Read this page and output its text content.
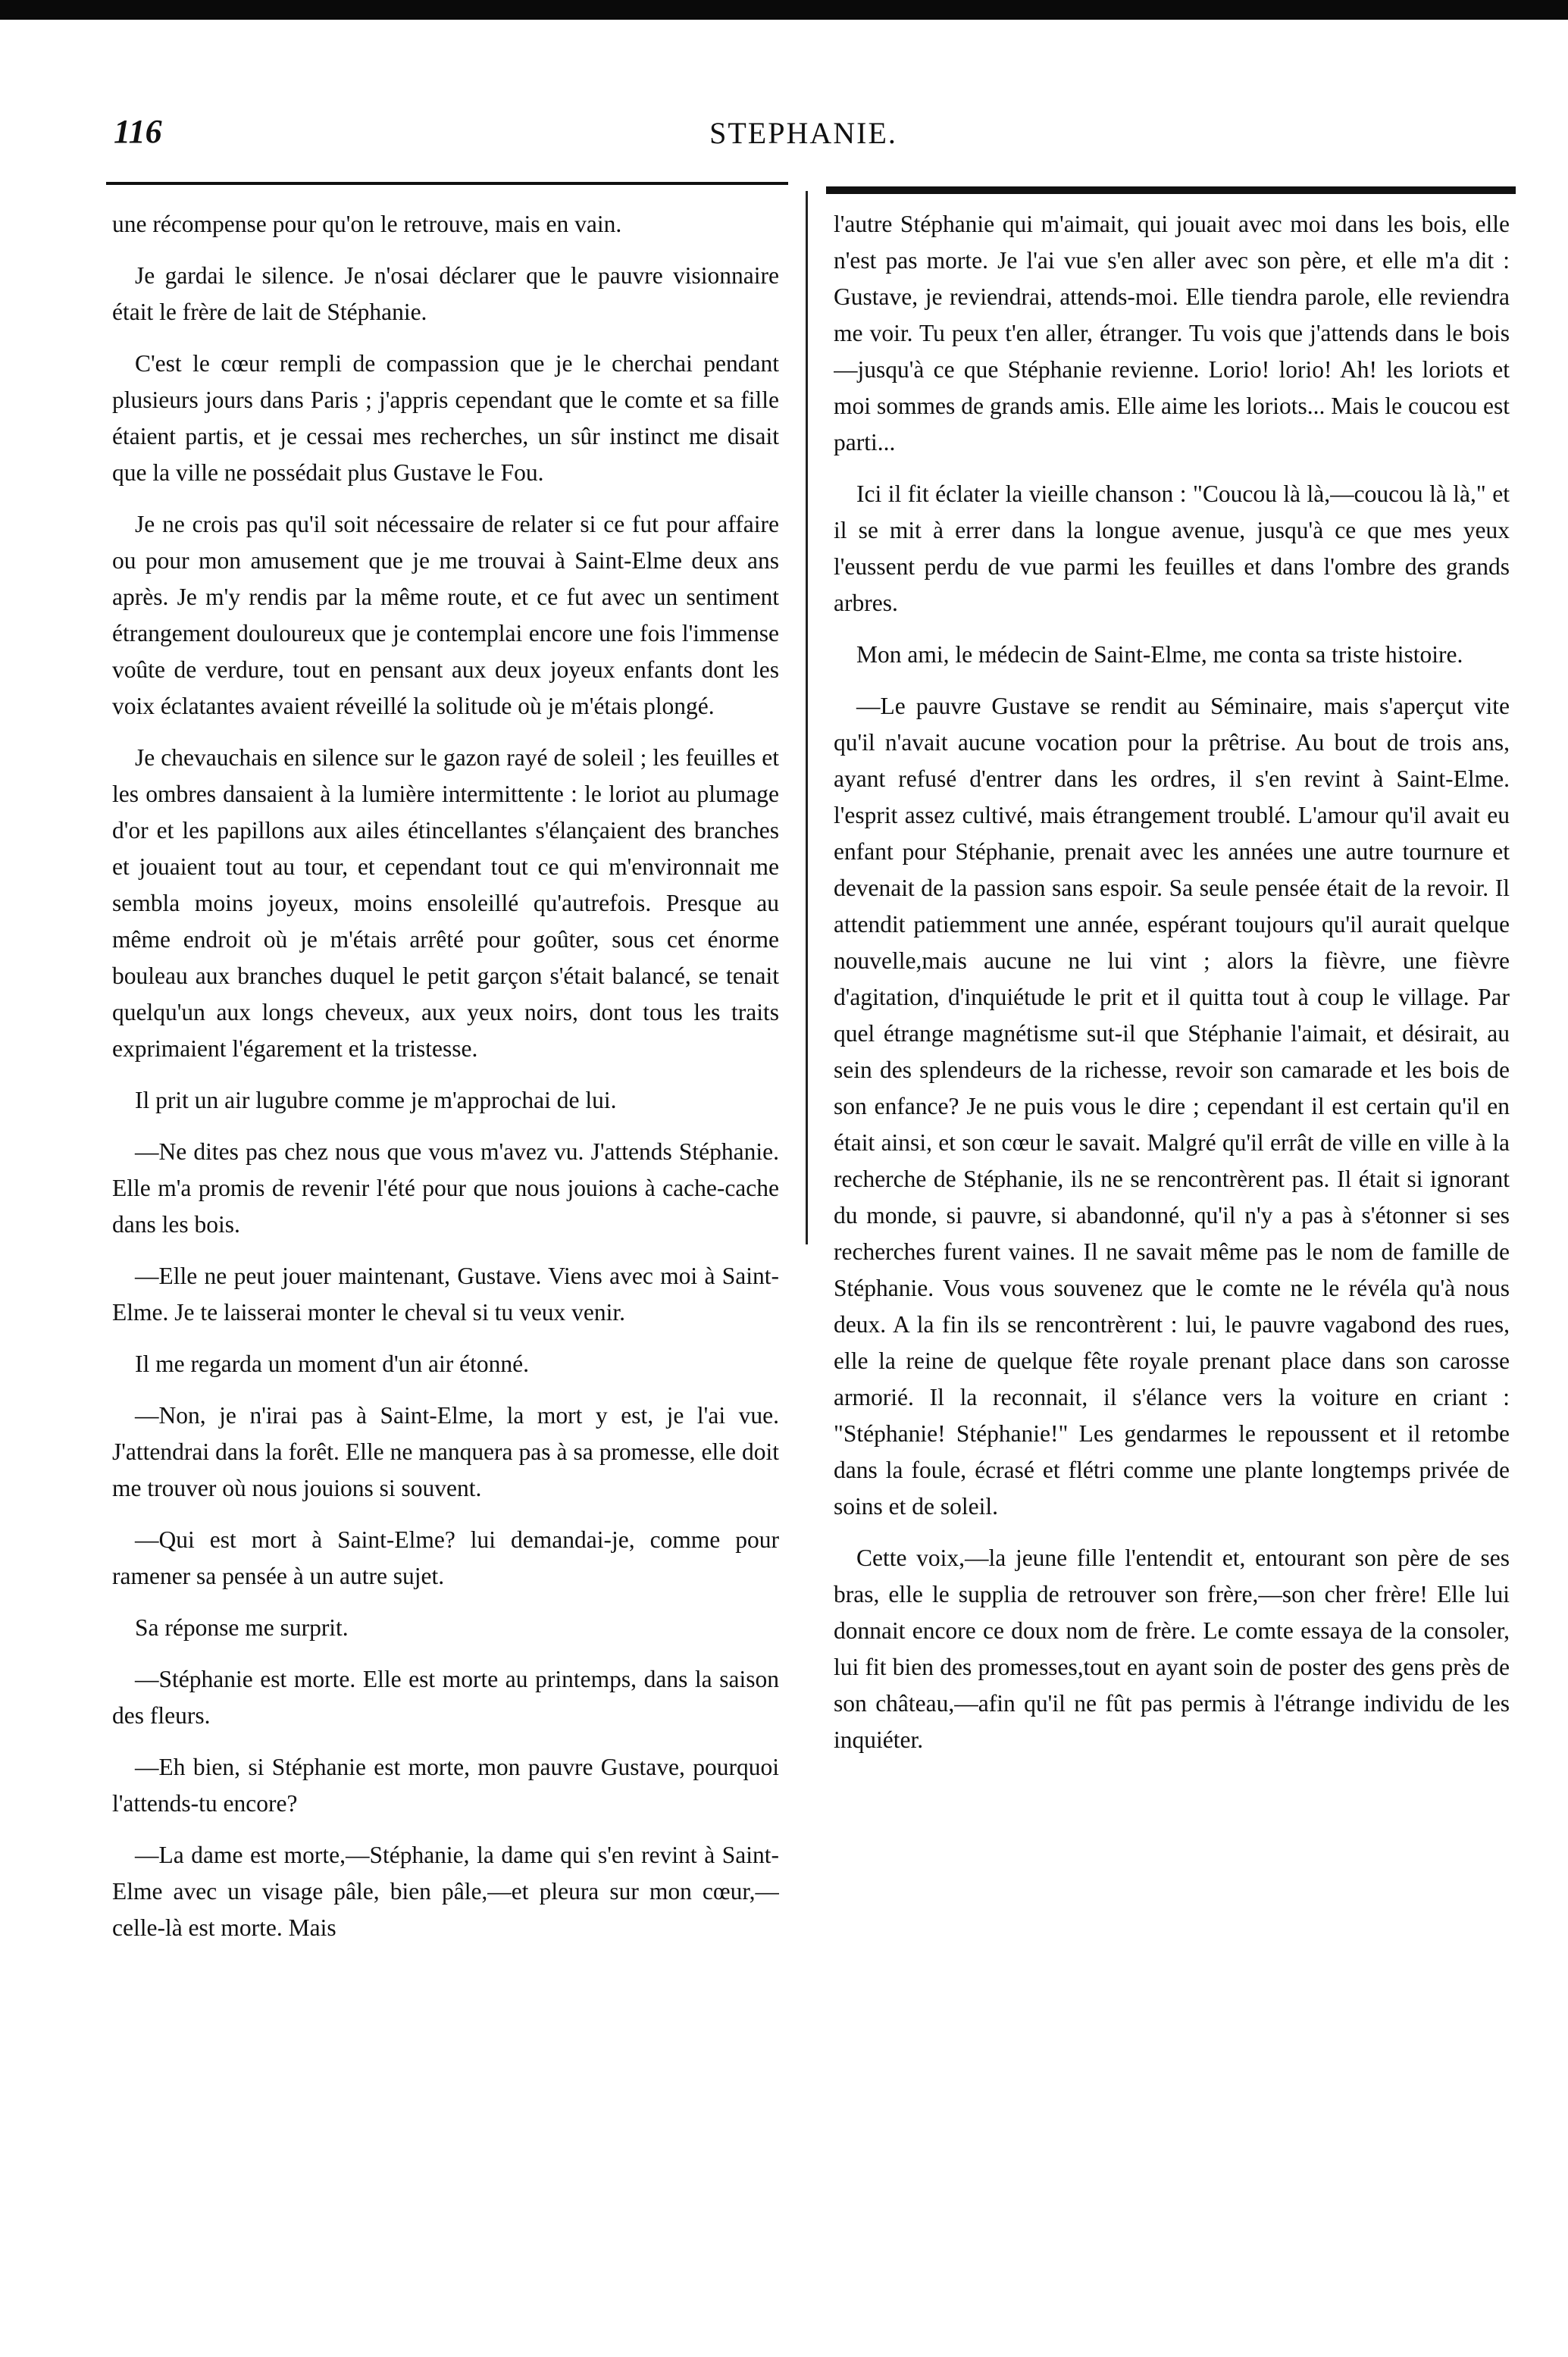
116	STEPHANIE.

une récompense pour qu'on le retrouve, mais en vain.

Je gardai le silence. Je n'osai déclarer que le pauvre visionnaire était le frère de lait de Stéphanie.

C'est le cœur rempli de compassion que je le cherchai pendant plusieurs jours dans Paris ; j'appris cependant que le comte et sa fille étaient partis, et je cessai mes recherches, un sûr instinct me disait que la ville ne possédait plus Gustave le Fou.

Je ne crois pas qu'il soit nécessaire de relater si ce fut pour affaire ou pour mon amusement que je me trouvai à Saint-Elme deux ans après. Je m'y rendis par la même route, et ce fut avec un sentiment étrangement douloureux que je contemplai encore une fois l'immense voûte de verdure, tout en pensant aux deux joyeux enfants dont les voix éclatantes avaient réveillé la solitude où je m'étais plongé.

Je chevauchais en silence sur le gazon rayé de soleil ; les feuilles et les ombres dansaient à la lumière intermittente : le loriot au plumage d'or et les papillons aux ailes étincellantes s'élançaient des branches et jouaient tout au tour, et cependant tout ce qui m'environnait me sembla moins joyeux, moins ensoleillé qu'autrefois. Presque au même endroit où je m'étais arrêté pour goûter, sous cet énorme bouleau aux branches duquel le petit garçon s'était balancé, se tenait quelqu'un aux longs cheveux, aux yeux noirs, dont tous les traits exprimaient l'égarement et la tristesse.

Il prit un air lugubre comme je m'approchai de lui.

—Ne dites pas chez nous que vous m'avez vu. J'attends Stéphanie. Elle m'a promis de revenir l'été pour que nous jouions à cache-cache dans les bois.

—Elle ne peut jouer maintenant, Gustave. Viens avec moi à Saint-Elme. Je te laisserai monter le cheval si tu veux venir.

Il me regarda un moment d'un air étonné.

—Non, je n'irai pas à Saint-Elme, la mort y est, je l'ai vue. J'attendrai dans la forêt. Elle ne manquera pas à sa promesse, elle doit me trouver où nous jouions si souvent.

—Qui est mort à Saint-Elme? lui demandai-je, comme pour ramener sa pensée à un autre sujet.

Sa réponse me surprit.

—Stéphanie est morte. Elle est morte au printemps, dans la saison des fleurs.

—Eh bien, si Stéphanie est morte, mon pauvre Gustave, pourquoi l'attends-tu encore?

—La dame est morte,—Stéphanie, la dame qui s'en revint à Saint-Elme avec un visage pâle, bien pâle,—et pleura sur mon cœur,—celle-là est morte. Mais

l'autre Stéphanie qui m'aimait, qui jouait avec moi dans les bois, elle n'est pas morte. Je l'ai vue s'en aller avec son père, et elle m'a dit : Gustave, je reviendrai, attends-moi. Elle tiendra parole, elle reviendra me voir. Tu peux t'en aller, étranger. Tu vois que j'attends dans le bois—jusqu'à ce que Stéphanie revienne. Lorio! lorio! Ah! les loriots et moi sommes de grands amis. Elle aime les loriots... Mais le coucou est parti...

Ici il fit éclater la vieille chanson : "Coucou là là,—coucou là là," et il se mit à errer dans la longue avenue, jusqu'à ce que mes yeux l'eussent perdu de vue parmi les feuilles et dans l'ombre des grands arbres.

Mon ami, le médecin de Saint-Elme, me conta sa triste histoire.

—Le pauvre Gustave se rendit au Séminaire, mais s'aperçut vite qu'il n'avait aucune vocation pour la prêtrise. Au bout de trois ans, ayant refusé d'entrer dans les ordres, il s'en revint à Saint-Elme. l'esprit assez cultivé, mais étrangement troublé. L'amour qu'il avait eu enfant pour Stéphanie, prenait avec les années une autre tournure et devenait de la passion sans espoir. Sa seule pensée était de la revoir. Il attendit patiemment une année, espérant toujours qu'il aurait quelque nouvelle,mais aucune ne lui vint ; alors la fièvre, une fièvre d'agitation, d'inquiétude le prit et il quitta tout à coup le village. Par quel étrange magnétisme sut-il que Stéphanie l'aimait, et désirait, au sein des splendeurs de la richesse, revoir son camarade et les bois de son enfance? Je ne puis vous le dire ; cependant il est certain qu'il en était ainsi, et son cœur le savait. Malgré qu'il errât de ville en ville à la recherche de Stéphanie, ils ne se rencontrèrent pas. Il était si ignorant du monde, si pauvre, si abandonné, qu'il n'y a pas à s'étonner si ses recherches furent vaines. Il ne savait même pas le nom de famille de Stéphanie. Vous vous souvenez que le comte ne le révéla qu'à nous deux. A la fin ils se rencontrèrent : lui, le pauvre vagabond des rues, elle la reine de quelque fête royale prenant place dans son carosse armorié. Il la reconnait, il s'élance vers la voiture en criant : "Stéphanie! Stéphanie!" Les gendarmes le repoussent et il retombe dans la foule, écrasé et flétri comme une plante longtemps privée de soins et de soleil.

Cette voix,—la jeune fille l'entendit et, entourant son père de ses bras, elle le supplia de retrouver son frère,—son cher frère! Elle lui donnait encore ce doux nom de frère. Le comte essaya de la consoler, lui fit bien des promesses,tout en ayant soin de poster des gens près de son château,—afin qu'il ne fût pas permis à l'étrange individu de les inquiéter.
